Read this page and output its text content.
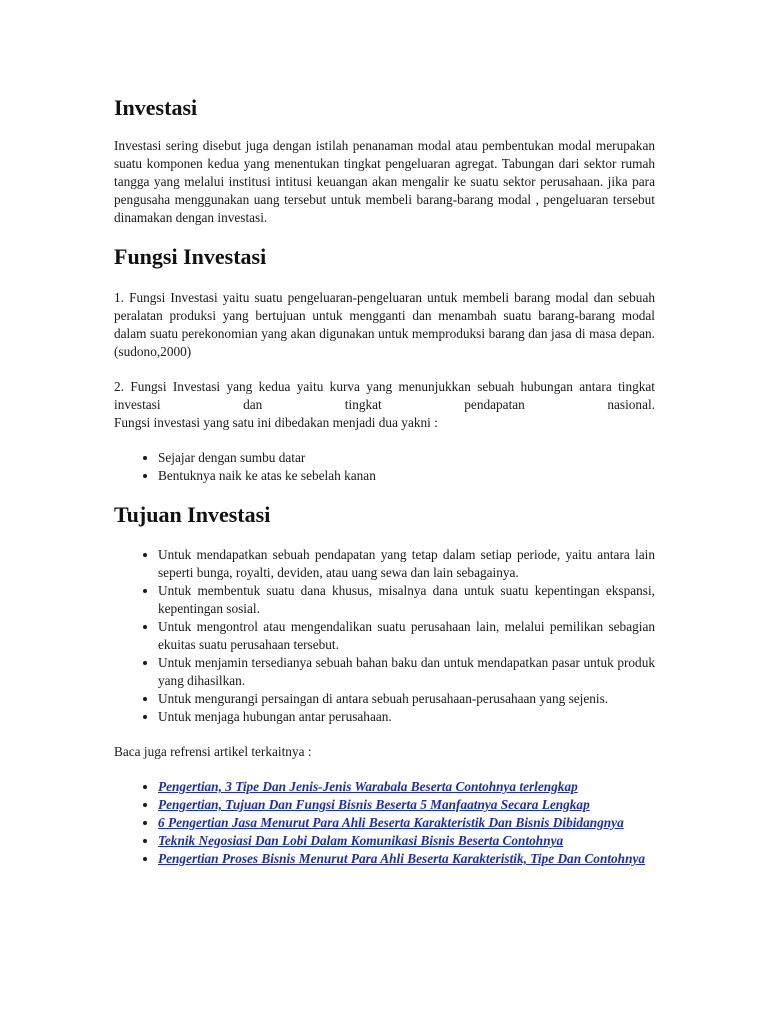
Investasi

Investasi sering disebut juga dengan istilah penanaman modal atau pembentukan modal merupakan suatu komponen kedua yang menentukan tingkat pengeluaran agregat. Tabungan dari sektor rumah tangga yang melalui institusi intitusi keuangan akan mengalir ke suatu sektor perusahaan. jika para pengusaha menggunakan uang tersebut untuk membeli barang-barang modal , pengeluaran tersebut dinamakan dengan investasi.

Fungsi Investasi

1. Fungsi Investasi yaitu suatu pengeluaran-pengeluaran untuk membeli barang modal dan sebuah peralatan produksi yang bertujuan untuk mengganti dan menambah suatu barang-barang modal dalam suatu perekonomian yang akan digunakan untuk memproduksi barang dan jasa di masa depan.(sudono,2000)

2. Fungsi Investasi yang kedua yaitu kurva yang menunjukkan sebuah hubungan antara tingkat investasi dan tingkat pendapatan nasional.
Fungsi investasi yang satu ini dibedakan menjadi dua yakni :

• Sejajar dengan sumbu datar
• Bentuknya naik ke atas ke sebelah kanan
Tujuan Investasi
• Untuk mendapatkan sebuah pendapatan yang tetap dalam setiap periode, yaitu antara lain seperti bunga, royalti, deviden, atau uang sewa dan lain sebagainya.
• Untuk membentuk suatu dana khusus, misalnya dana untuk suatu kepentingan ekspansi, kepentingan sosial.
• Untuk mengontrol atau mengendalikan suatu perusahaan lain, melalui pemilikan sebagian ekuitas suatu perusahaan tersebut.
• Untuk menjamin tersedianya sebuah bahan baku dan untuk mendapatkan pasar untuk produk yang dihasilkan.
• Untuk mengurangi persaingan di antara sebuah perusahaan-perusahaan yang sejenis.
• Untuk menjaga hubungan antar perusahaan.

Baca juga refrensi artikel terkaitnya :

• Pengertian, 3 Tipe Dan Jenis-Jenis Warabala Beserta Contohnya terlengkap
• Pengertian, Tujuan Dan Fungsi Bisnis Beserta 5 Manfaatnya Secara Lengkap
• 6 Pengertian Jasa Menurut Para Ahli Beserta Karakteristik Dan Bisnis Dibidangnya
• Teknik Negosiasi Dan Lobi Dalam Komunikasi Bisnis Beserta Contohnya
• Pengertian Proses Bisnis Menurut Para Ahli Beserta Karakteristik, Tipe Dan Contohnya
